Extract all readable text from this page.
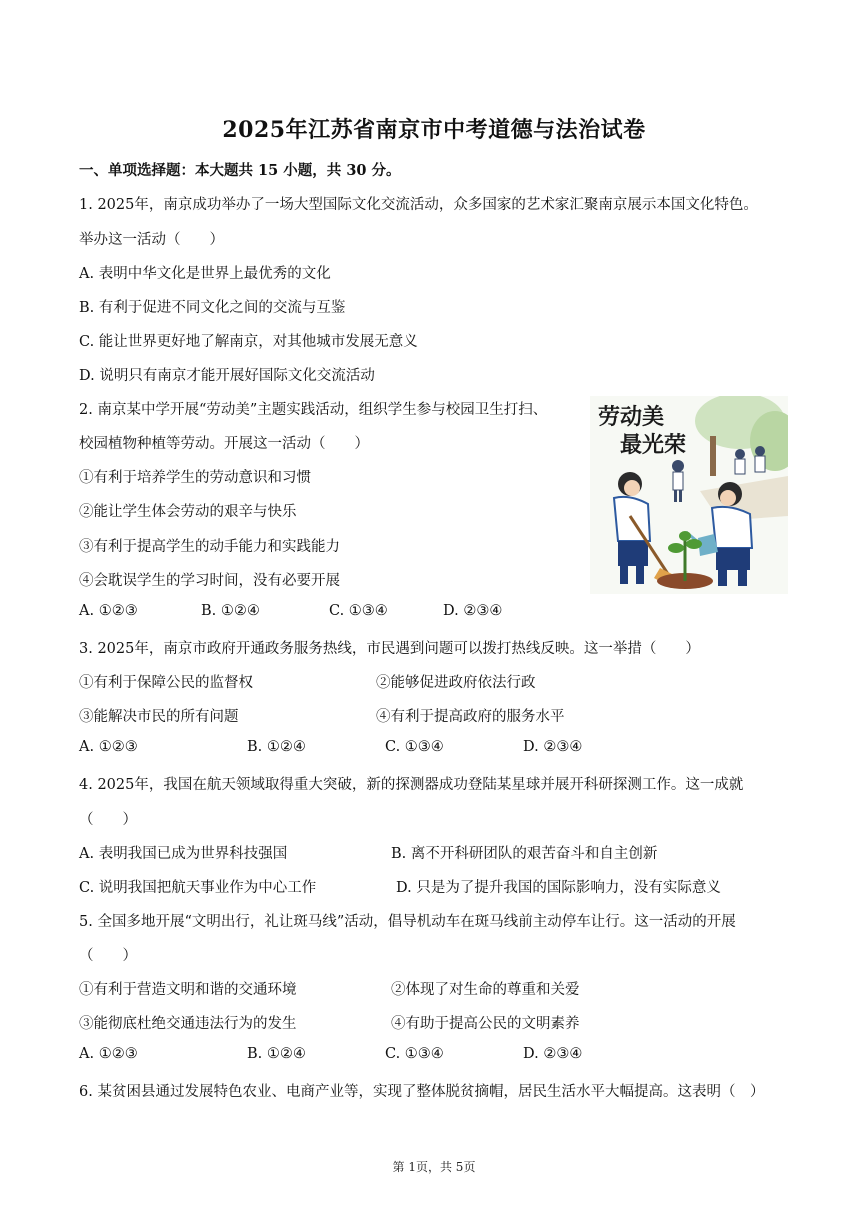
2025年江苏省南京市中考道德与法治试卷
一、单项选择题：本大题共 15 小题，共 30 分。
1. 2025年，南京成功举办了一场大型国际文化交流活动，众多国家的艺术家汇聚南京展示本国文化特色。
举办这一活动（　　）
A. 表明中华文化是世界上最优秀的文化
B. 有利于促进不同文化之间的交流与互鉴
C. 能让世界更好地了解南京，对其他城市发展无意义
D. 说明只有南京才能开展好国际文化交流活动
2. 南京某中学开展“劳动美”主题实践活动，组织学生参与校园卫生打扫、
校园植物种植等劳动。开展这一活动（　　）
①有利于培养学生的劳动意识和习惯
②能让学生体会劳动的艰辛与快乐
③有利于提高学生的动手能力和实践能力
④会耽误学生的学习时间，没有必要开展
A. ①②③	B. ①②④	C. ①③④	D. ②③④
劳动美
最光荣
3. 2025年，南京市政府开通政务服务热线，市民遇到问题可以拨打热线反映。这一举措（　　）
①有利于保障公民的监督权	②能够促进政府依法行政
③能解决市民的所有问题	④有利于提高政府的服务水平
A. ①②③	B. ①②④	C. ①③④	D. ②③④
4. 2025年，我国在航天领域取得重大突破，新的探测器成功登陆某星球并展开科研探测工作。这一成就
（　　）
A. 表明我国已成为世界科技强国	B. 离不开科研团队的艰苦奋斗和自主创新
C. 说明我国把航天事业作为中心工作	D. 只是为了提升我国的国际影响力，没有实际意义
5. 全国多地开展“文明出行，礼让斑马线”活动，倡导机动车在斑马线前主动停车让行。这一活动的开展
（　　）
①有利于营造文明和谐的交通环境	②体现了对生命的尊重和关爱
③能彻底杜绝交通违法行为的发生	④有助于提高公民的文明素养
A. ①②③	B. ①②④	C. ①③④	D. ②③④
6. 某贫困县通过发展特色农业、电商产业等，实现了整体脱贫摘帽，居民生活水平大幅提高。这表明（　）
第 1页，共 5页
